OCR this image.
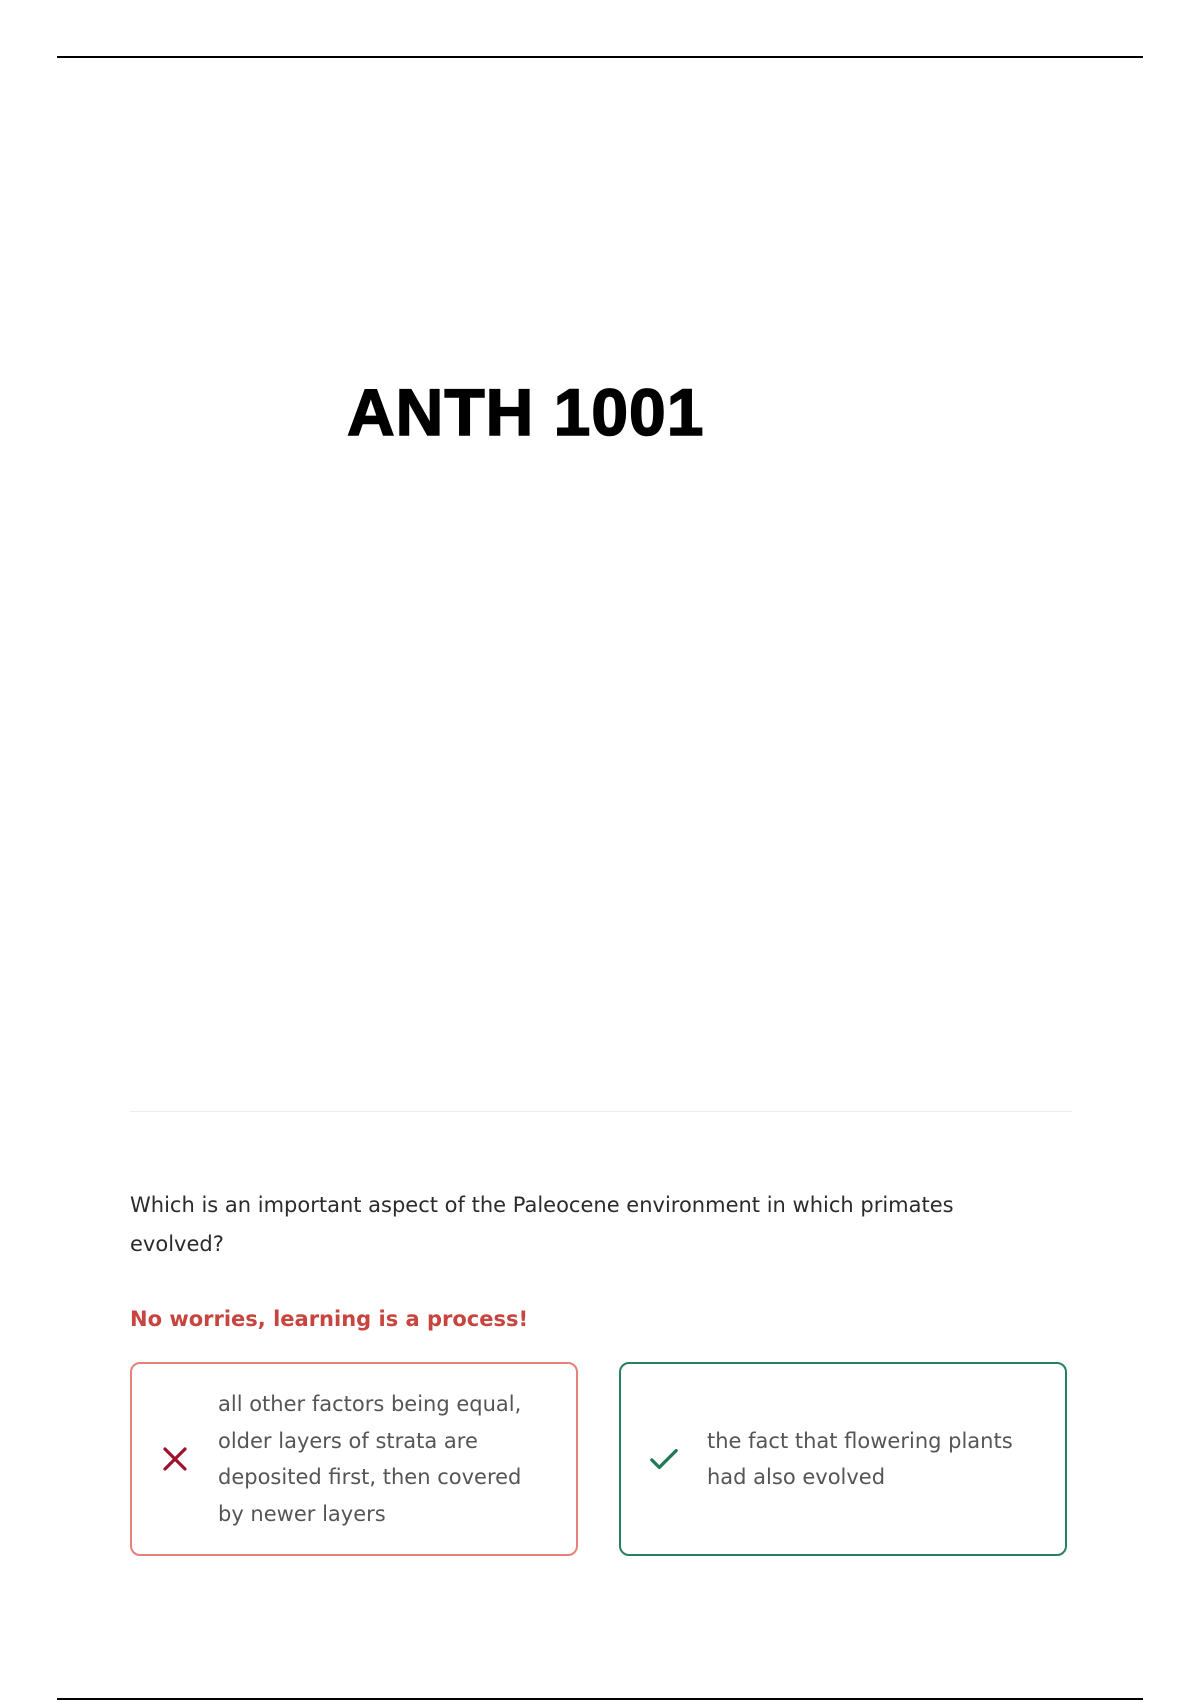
ANTH 1001

Which is an important aspect of the Paleocene environment in which primates evolved?

No worries, learning is a process!

all other factors being equal, older layers of strata are deposited first, then covered by newer layers

the fact that flowering plants had also evolved
